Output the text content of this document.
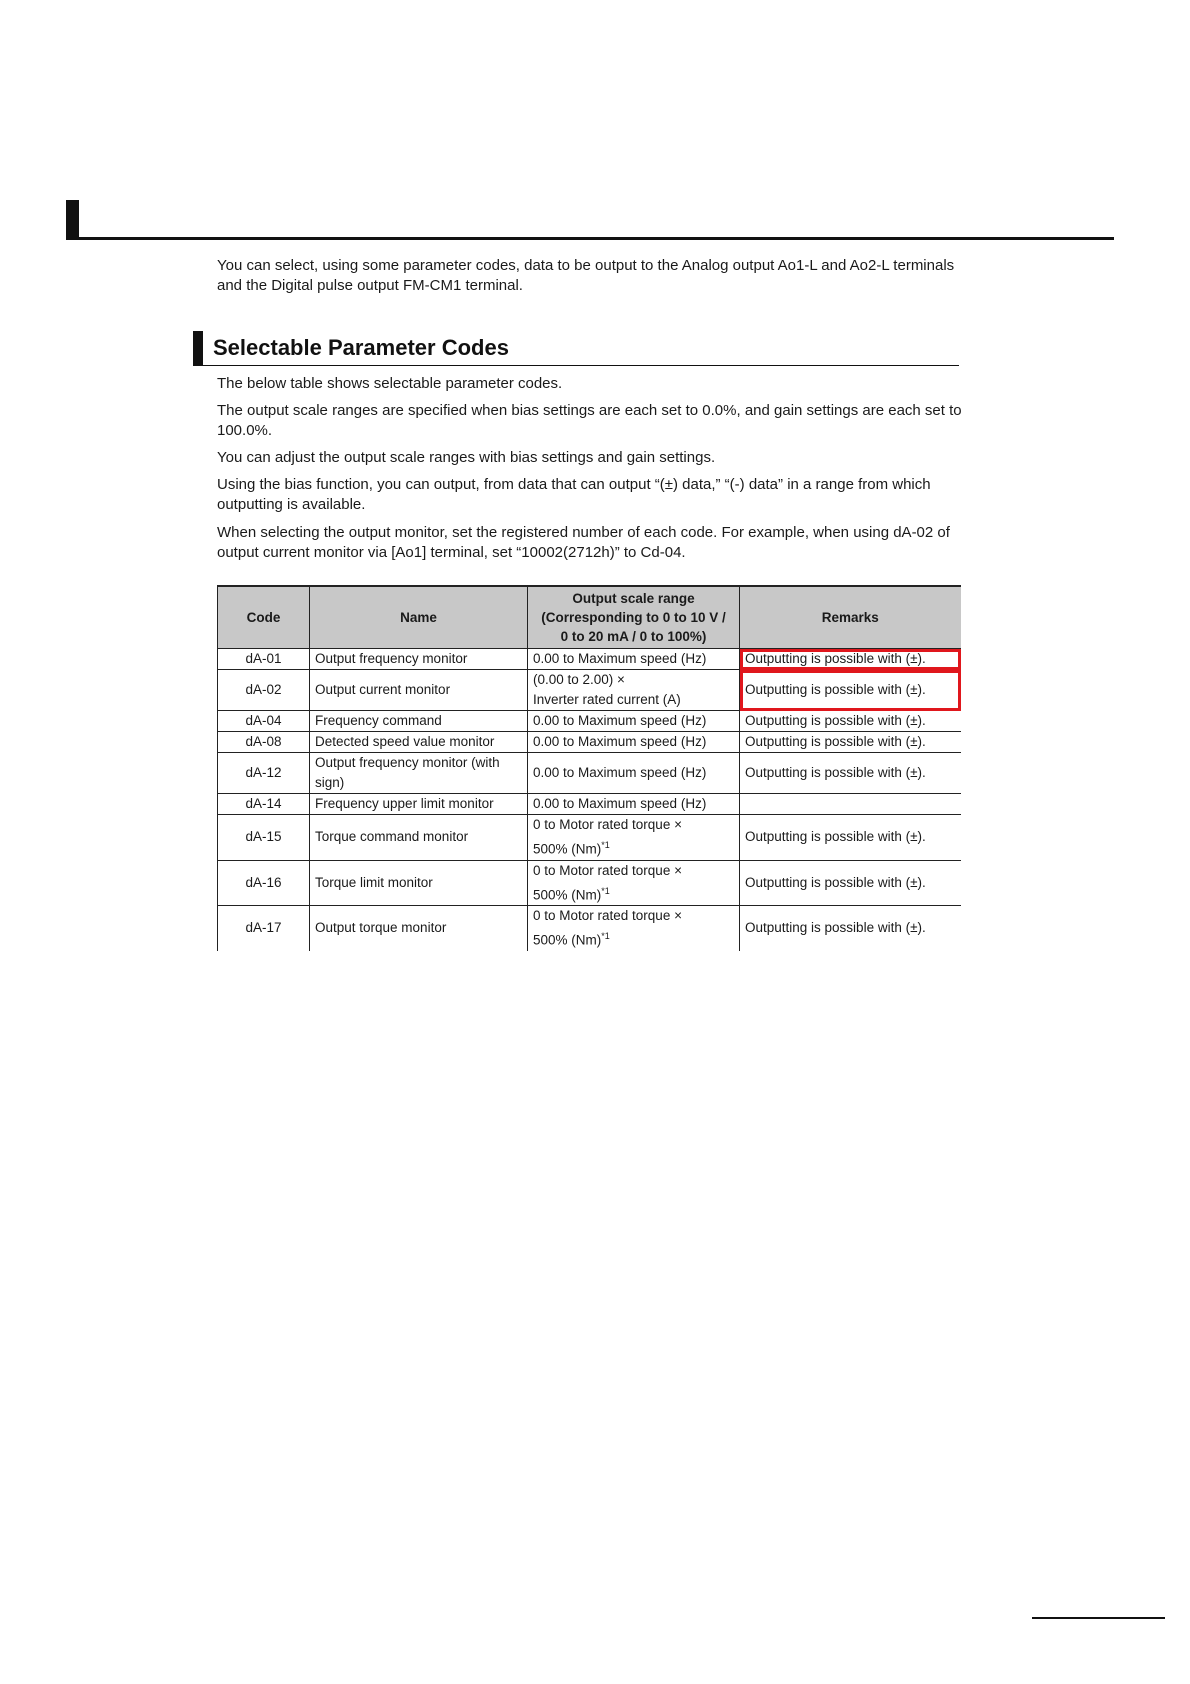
You can select, using some parameter codes, data to be output to the Analog output Ao1-L and Ao2-L terminals and the Digital pulse output FM-CM1 terminal.

Selectable Parameter Codes

The below table shows selectable parameter codes.

The output scale ranges are specified when bias settings are each set to 0.0%, and gain settings are each set to 100.0%.

You can adjust the output scale ranges with bias settings and gain settings.

Using the bias function, you can output, from data that can output “(±) data,” “(-) data” in a range from which outputting is available.

When selecting the output monitor, set the registered number of each code. For example, when using dA-02 of output current monitor via [Ao1] terminal, set “10002(2712h)” to Cd-04.

Code	Name	Output scale range
(Corresponding to 0 to 10 V /
0 to 20 mA / 0 to 100%)	Remarks
dA-01	Output frequency monitor	0.00 to Maximum speed (Hz)	Outputting is possible with (±).
dA-02	Output current monitor	(0.00 to 2.00) ×
Inverter rated current (A)	Outputting is possible with (±).
dA-04	Frequency command	0.00 to Maximum speed (Hz)	Outputting is possible with (±).
dA-08	Detected speed value monitor	0.00 to Maximum speed (Hz)	Outputting is possible with (±).
dA-12	Output frequency monitor (with sign)	0.00 to Maximum speed (Hz)	Outputting is possible with (±).
dA-14	Frequency upper limit monitor	0.00 to Maximum speed (Hz)	
dA-15	Torque command monitor	0 to Motor rated torque ×
500% $(Nm)^{*1}$	Outputting is possible with (±).
dA-16	Torque limit monitor	0 to Motor rated torque ×
500% $(Nm)^{*1}$	Outputting is possible with (±).
dA-17	Output torque monitor	0 to Motor rated torque ×
500% $(Nm)^{*1}$	Outputting is possible with (±).
